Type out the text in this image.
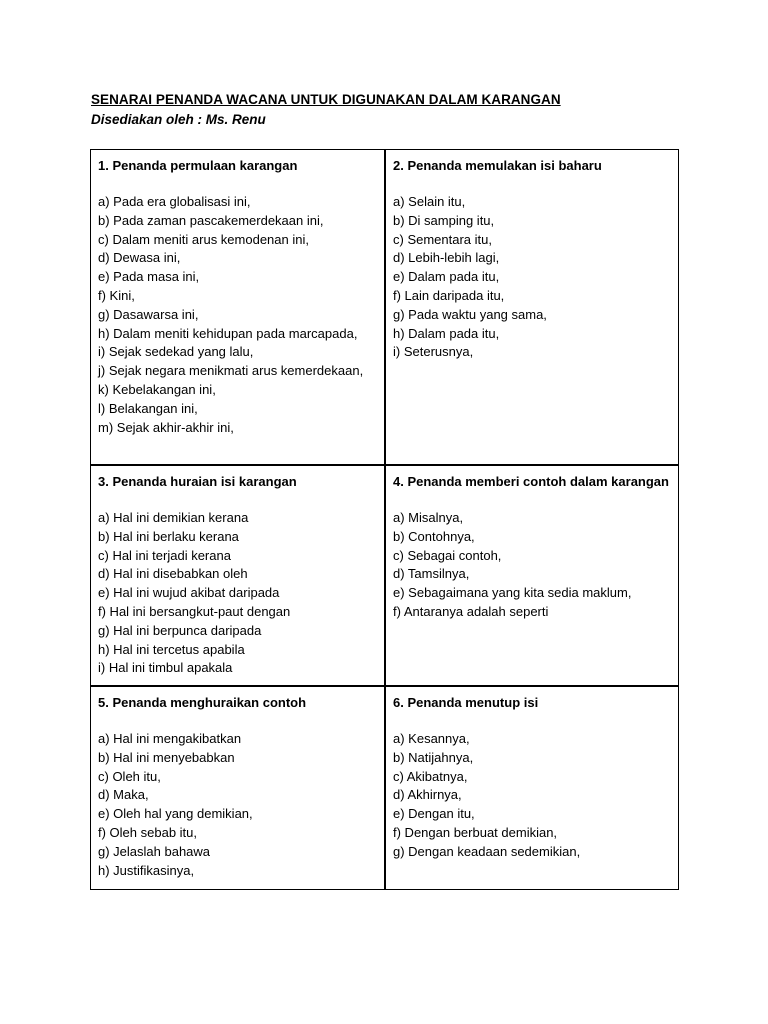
SENARAI PENANDA WACANA UNTUK DIGUNAKAN DALAM KARANGAN
Disediakan oleh : Ms. Renu
1. Penanda permulaan karangan
a) Pada era globalisasi ini,
b) Pada zaman pascakemerdekaan ini,
c) Dalam meniti arus kemodenan ini,
d) Dewasa ini,
e) Pada masa ini,
f) Kini,
g) Dasawarsa ini,
h) Dalam meniti kehidupan pada marcapada,
i) Sejak sedekad yang lalu,
j) Sejak negara menikmati arus kemerdekaan,
k) Kebelakangan ini,
l) Belakangan ini,
m) Sejak akhir-akhir ini,
2. Penanda memulakan isi baharu
a) Selain itu,
b) Di samping itu,
c) Sementara itu,
d) Lebih-lebih lagi,
e) Dalam pada itu,
f) Lain daripada itu,
g) Pada waktu yang sama,
h) Dalam pada itu,
i) Seterusnya,
3. Penanda huraian isi karangan
a) Hal ini demikian kerana
b) Hal ini berlaku kerana
c) Hal ini terjadi kerana
d) Hal ini disebabkan oleh
e) Hal ini wujud akibat daripada
f) Hal ini bersangkut-paut dengan
g) Hal ini berpunca daripada
h) Hal ini tercetus apabila
i) Hal ini timbul apakala
4. Penanda memberi contoh dalam karangan
a) Misalnya,
b) Contohnya,
c) Sebagai contoh,
d) Tamsilnya,
e) Sebagaimana yang kita sedia maklum,
f) Antaranya adalah seperti
5. Penanda menghuraikan contoh
a) Hal ini mengakibatkan
b) Hal ini menyebabkan
c) Oleh itu,
d) Maka,
e) Oleh hal yang demikian,
f) Oleh sebab itu,
g) Jelaslah bahawa
h) Justifikasinya,
6. Penanda menutup isi
a) Kesannya,
b) Natijahnya,
c) Akibatnya,
d) Akhirnya,
e) Dengan itu,
f) Dengan berbuat demikian,
g) Dengan keadaan sedemikian,
